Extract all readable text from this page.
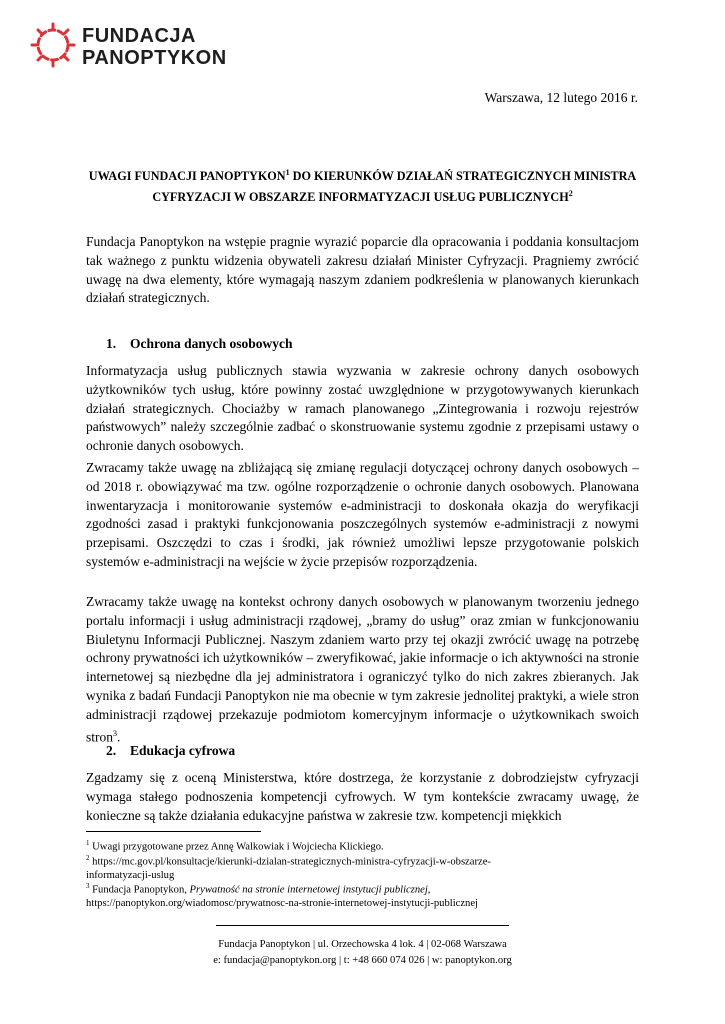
FUNDACJA
PANOPTYKON
Warszawa, 12 lutego 2016 r.
UWAGI FUNDACJI PANOPTYKON$^1$ DO KIERUNKÓW DZIAŁAŃ STRATEGICZNYCH MINISTRA
CYFRYZACJI W OBSZARZE INFORMATYZACJI USŁUG PUBLICZNYCH$^2$

Fundacja Panoptykon na wstępie pragnie wyrazić poparcie dla opracowania i poddania konsultacjom tak ważnego z punktu widzenia obywateli zakresu działań Minister Cyfryzacji. Pragniemy zwrócić uwagę na dwa elementy, które wymagają naszym zdaniem podkreślenia w planowanych kierunkach działań strategicznych.

1. Ochrona danych osobowych

Informatyzacja usług publicznych stawia wyzwania w zakresie ochrony danych osobowych użytkowników tych usług, które powinny zostać uwzględnione w przygotowywanych kierunkach działań strategicznych. Chociażby w ramach planowanego „Zintegrowania i rozwoju rejestrów państwowych” należy szczególnie zadbać o skonstruowanie systemu zgodnie z przepisami ustawy o ochronie danych osobowych.

Zwracamy także uwagę na zbliżającą się zmianę regulacji dotyczącej ochrony danych osobowych – od 2018 r. obowiązywać ma tzw. ogólne rozporządzenie o ochronie danych osobowych. Planowana inwentaryzacja i monitorowanie systemów e-administracji to doskonała okazja do weryfikacji zgodności zasad i praktyki funkcjonowania poszczególnych systemów e-administracji z nowymi przepisami. Oszczędzi to czas i środki, jak również umożliwi lepsze przygotowanie polskich systemów e-administracji na wejście w życie przepisów rozporządzenia.

Zwracamy także uwagę na kontekst ochrony danych osobowych w planowanym tworzeniu jednego portalu informacji i usług administracji rządowej, „bramy do usług” oraz zmian w funkcjonowaniu Biuletynu Informacji Publicznej. Naszym zdaniem warto przy tej okazji zwrócić uwagę na potrzebę ochrony prywatności ich użytkowników – zweryfikować, jakie informacje o ich aktywności na stronie internetowej są niezbędne dla jej administratora i ograniczyć tylko do nich zakres zbieranych. Jak wynika z badań Fundacji Panoptykon nie ma obecnie w tym zakresie jednolitej praktyki, a wiele stron administracji rządowej przekazuje podmiotom komercyjnym informacje o użytkownikach swoich stron$^3$.

2. Edukacja cyfrowa

Zgadzamy się z oceną Ministerstwa, które dostrzega, że korzystanie z dobrodziejstw cyfryzacji wymaga stałego podnoszenia kompetencji cyfrowych. W tym kontekście zwracamy uwagę, że konieczne są także działania edukacyjne państwa w zakresie tzw. kompetencji miękkich

$^1$ Uwagi przygotowane przez Annę Walkowiak i Wojciecha Klickiego.
$^2$ https://mc.gov.pl/konsultacje/kierunki-dzialan-strategicznych-ministra-cyfryzacji-w-obszarze-
informatyzacji-uslug
$^3$ Fundacja Panoptykon, Prywatność na stronie internetowej instytucji publicznej,
https://panoptykon.org/wiadomosc/prywatnosc-na-stronie-internetowej-instytucji-publicznej
Fundacja Panoptykon | ul. Orzechowska 4 lok. 4 | 02-068 Warszawa
e: fundacja@panoptykon.org | t: +48 660 074 026 | w: panoptykon.org
